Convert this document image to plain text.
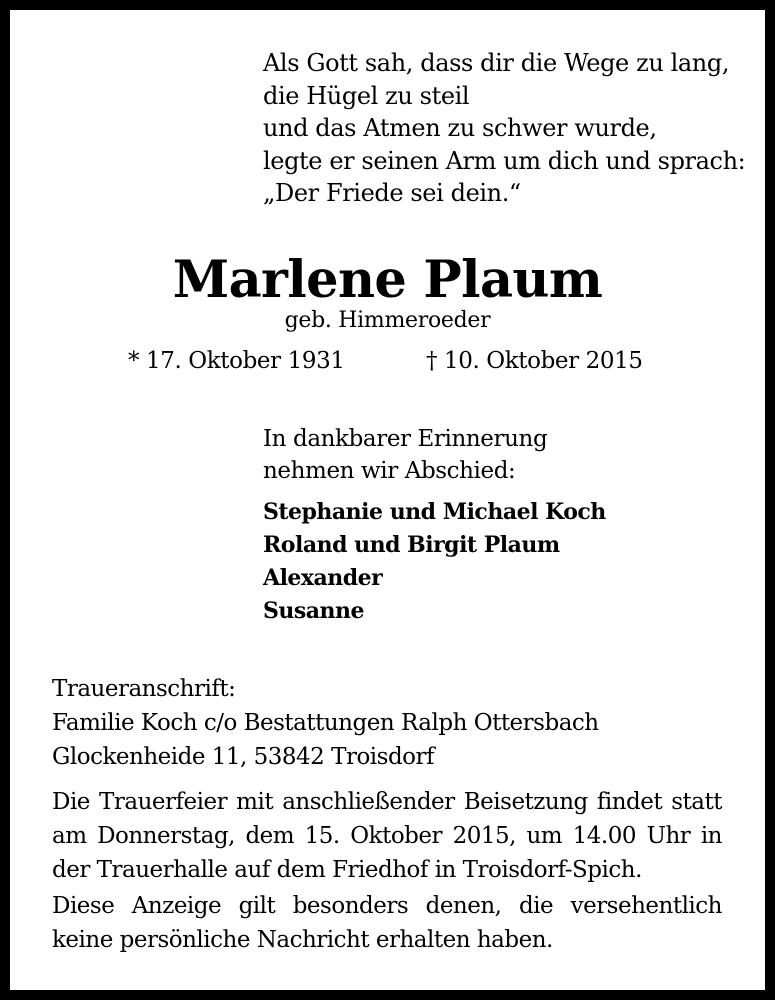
Als Gott sah, dass dir die Wege zu lang,
die Hügel zu steil
und das Atmen zu schwer wurde,
legte er seinen Arm um dich und sprach:
„Der Friede sei dein.“
Marlene Plaum
geb. Himmeroeder
* 17. Oktober 1931	† 10. Oktober 2015
In dankbarer Erinnerung
nehmen wir Abschied:
Stephanie und Michael Koch
Roland und Birgit Plaum
Alexander
Susanne
Traueranschrift:
Familie Koch c/o Bestattungen Ralph Ottersbach
Glockenheide 11, 53842 Troisdorf
Die Trauerfeier mit anschließender Beisetzung findet statt am Donnerstag, dem 15. Oktober 2015, um 14.00 Uhr in der Trauerhalle auf dem Friedhof in Troisdorf-Spich.
Diese Anzeige gilt besonders denen, die versehentlich keine persönliche Nachricht erhalten haben.
